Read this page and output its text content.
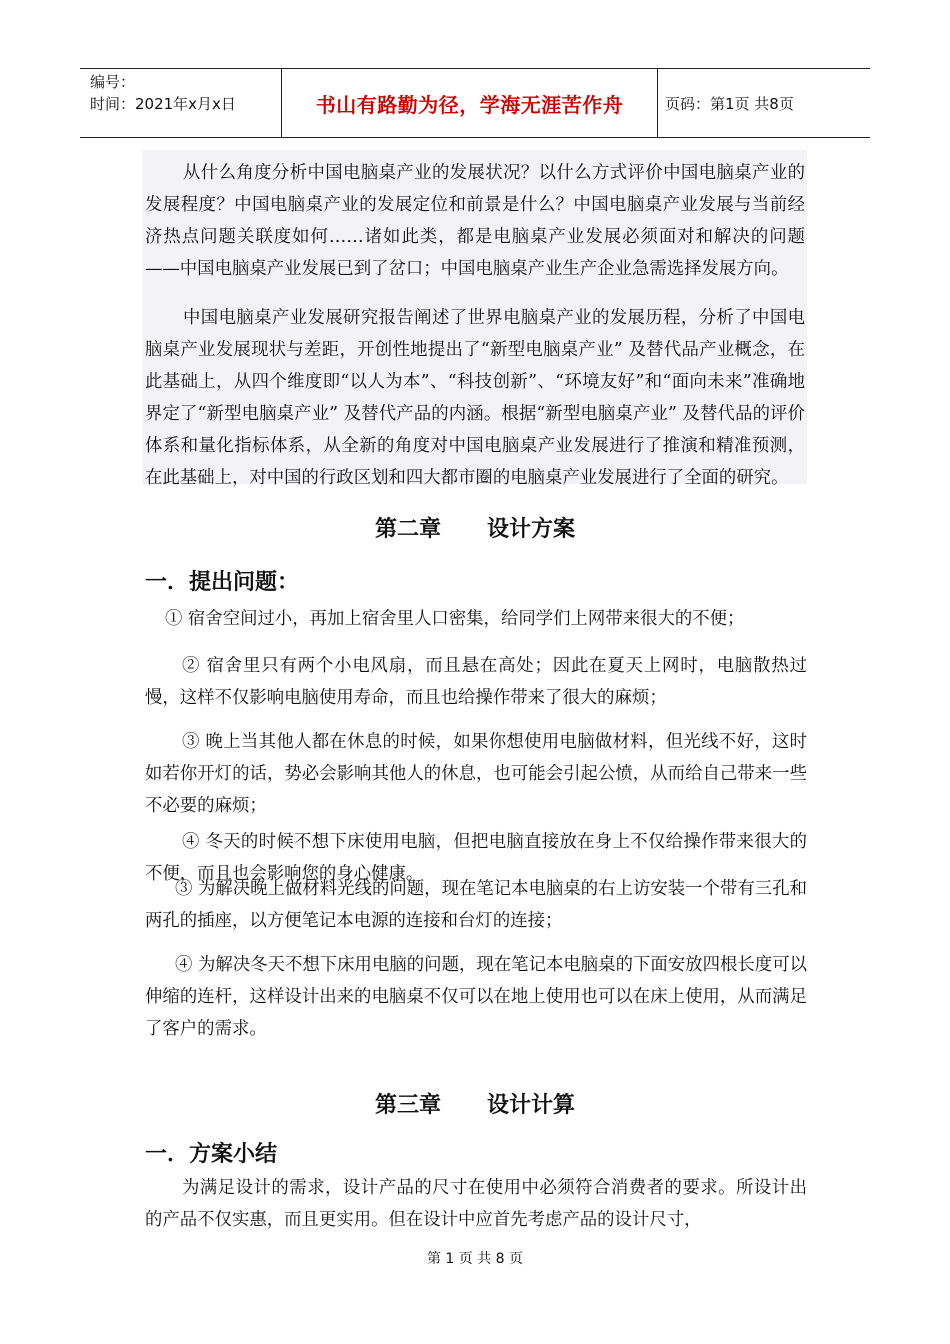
编号：
时间：2021年x月x日	书山有路勤为径，学海无涯苦作舟	页码：第1页 共8页

从什么角度分析中国电脑桌产业的发展状况？以什么方式评价中国电脑桌产业的发展程度？中国电脑桌产业的发展定位和前景是什么？中国电脑桌产业发展与当前经济热点问题关联度如何……诸如此类，都是电脑桌产业发展必须面对和解决的问题——中国电脑桌产业发展已到了岔口；中国电脑桌产业生产企业急需选择发展方向。

中国电脑桌产业发展研究报告阐述了世界电脑桌产业的发展历程，分析了中国电脑桌产业发展现状与差距，开创性地提出了“新型电脑桌产业” 及替代品产业概念，在此基础上，从四个维度即“以人为本”、“科技创新”、“环境友好”和“面向未来”准确地界定了“新型电脑桌产业” 及替代产品的内涵。根据“新型电脑桌产业” 及替代品的评价体系和量化指标体系，从全新的角度对中国电脑桌产业发展进行了推演和精准预测，在此基础上，对中国的行政区划和四大都市圈的电脑桌产业发展进行了全面的研究。

第二章      设计方案
一．提出问题：

① 宿舍空间过小，再加上宿舍里人口密集，给同学们上网带来很大的不便；

② 宿舍里只有两个小电风扇，而且悬在高处；因此在夏天上网时，电脑散热过慢，这样不仅影响电脑使用寿命，而且也给操作带来了很大的麻烦；

③ 晚上当其他人都在休息的时候，如果你想使用电脑做材料，但光线不好，这时如若你开灯的话，势必会影响其他人的休息，也可能会引起公愤，从而给自己带来一些不必要的麻烦；

④ 冬天的时候不想下床使用电脑，但把电脑直接放在身上不仅给操作带来很大的不便，而且也会影响您的身心健康。

③ 为解决晚上做材料光线的问题，现在笔记本电脑桌的右上访安装一个带有三孔和两孔的插座，以方便笔记本电源的连接和台灯的连接；

④ 为解决冬天不想下床用电脑的问题，现在笔记本电脑桌的下面安放四根长度可以伸缩的连杆，这样设计出来的电脑桌不仅可以在地上使用也可以在床上使用，从而满足了客户的需求。

第三章      设计计算
一．方案小结

为满足设计的需求，设计产品的尺寸在使用中必须符合消费者的要求。所设计出的产品不仅实惠，而且更实用。但在设计中应首先考虑产品的设计尺寸，

第 1 页 共 8 页
